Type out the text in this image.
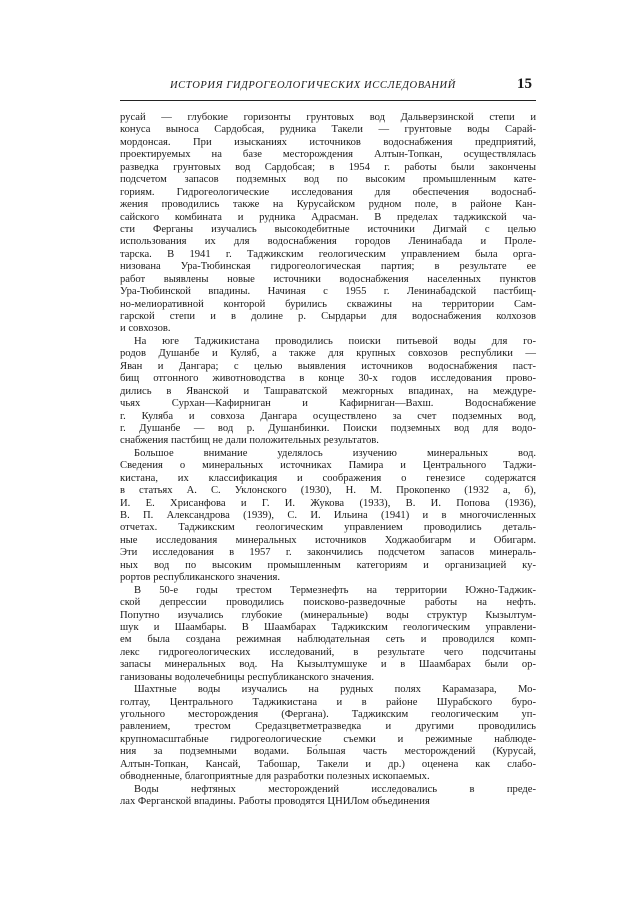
ИСТОРИЯ ГИДРОГЕОЛОГИЧЕСКИХ ИССЛЕДОВАНИЙ	15
русай — глубокие горизонты грунтовых вод Дальверзинской степи и
конуса выноса Сардобсая, рудника Такели — грунтовые воды Сарай-
мордонсая. При изысканиях источников водоснабжения предприятий,
проектируемых на базе месторождения Алтын-Топкан, осуществлялась
разведка грунтовых вод Сардобсая; в 1954 г. работы были закончены
подсчетом запасов подземных вод по высоким промышленным кате-
гориям. Гидрогеологические исследования для обеспечения водоснаб-
жения проводились также на Курусайском рудном поле, в районе Кан-
сайского комбината и рудника Адрасман. В пределах таджикской ча-
сти Ферганы изучались высокодебитные источники Дигмай с целью
использования их для водоснабжения городов Ленинабада и Пролe-
тарска. В 1941 г. Таджикским геологическим управлением была орга-
низована Ура-Тюбинская гидрогеологическая партия; в результате ее
работ выявлены новые источники водоснабжения населенных пунктов
Ура-Тюбинской впадины. Начиная с 1955 г. Ленинабадской пастбищ-
но-мелиоративной конторой бурились скважины на территории Сам-
гарской степи и в долине р. Сырдарьи для водоснабжения колхозов
и совхозов.
На юге Таджикистана проводились поиски питьевой воды для го-
родов Душанбе и Куляб, а также для крупных совхозов республики —
Яван и Дангара; с целью выявления источников водоснабжения паст-
бищ отгонного животноводства в конце 30-х годов исследования прово-
дились в Яванской и Ташраватской межгорных впадинах, на междуре-
чьях Сурхан—Кафирниган и Кафирниган—Вахш. Водоснабжение
г. Куляба и совхоза Дангара осуществлено за счет подземных вод,
г. Душанбе — вод р. Душанбинки. Поиски подземных вод для водо-
снабжения пастбищ не дали положительных результатов.
Большое внимание уделялось изучению минеральных вод.
Сведения о минеральных источниках Памира и Центрального Таджи-
кистана, их классификация и соображения о генезисе содержатся
в статьях А. С. Уклонского (1930), Н. М. Прокопенко (1932 а, б),
И. Е. Хрисанфова и Г. И. Жукова (1933), В. И. Попова (1936),
В. П. Александрова (1939), С. И. Ильина (1941) и в многочисленных
отчетах. Таджикским геологическим управлением проводились деталь-
ные исследования минеральных источников Ходжаобигарм и Обигарм.
Эти исследования в 1957 г. закончились подсчетом запасов минераль-
ных вод по высоким промышленным категориям и организацией ку-
рортов республиканского значения.
В 50-е годы трестом Термезнефть на территории Южно-Таджик-
ской депрессии проводились поисково-разведочные работы на нефть.
Попутно изучались глубокие (минеральные) воды структур Кызылтум-
шук и Шаамбары. В Шаамбарах Таджикским геологическим управлени-
ем была создана режимная наблюдательная сеть и проводился комп-
лекс гидрогеологических исследований, в результате чего подсчитаны
запасы минеральных вод. На Кызылтумшуке и в Шаамбарах были ор-
ганизованы водолечебницы республиканского значения.
Шахтные воды изучались на рудных полях Карамазара, Мо-
голтау, Центрального Таджикистана и в районе Шурабского буро-
угольного месторождения (Фергана). Таджикским геологическим уп-
равлением, трестом Средазцветметразведка и другими проводились
крупномасштабные гидрогеологические съемки и режимные наблюде-
ния за подземными водами. Бо́льшая часть месторождений (Курусай,
Алтын-Топкан, Кансай, Табошар, Такели и др.) оценена как слабо-
обводненные, благоприятные для разработки полезных ископаемых.
Воды нефтяных месторождений исследовались в преде-
лах Ферганской впадины. Работы проводятся ЦНИЛом объединения
